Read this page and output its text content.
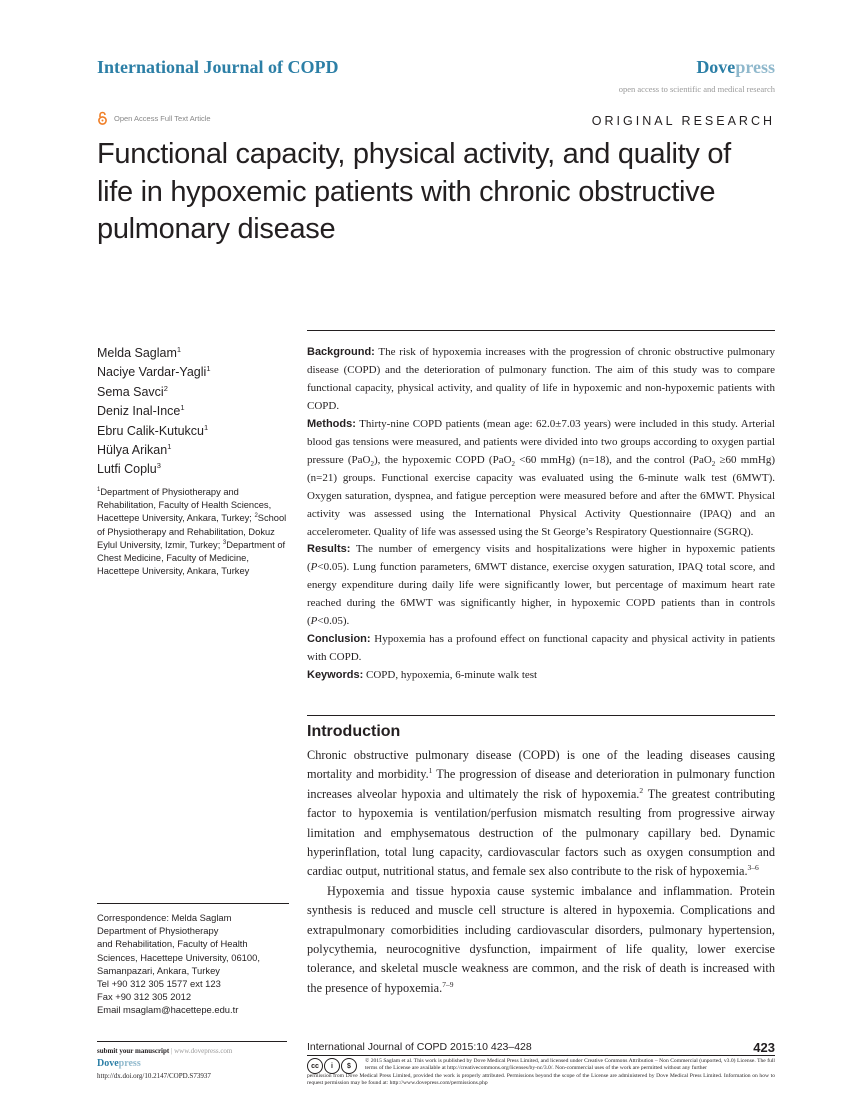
International Journal of COPD	Dovepress
open access to scientific and medical research
Open Access Full Text Article	ORIGINAL RESEARCH
Functional capacity, physical activity, and quality of life in hypoxemic patients with chronic obstructive pulmonary disease
Melda Saglam$^1$
Naciye Vardar-Yagli$^1$
Sema Savci$^2$
Deniz Inal-Ince$^1$
Ebru Calik-Kutukcu$^1$
Hülya Arikan$^1$
Lutfi Coplu$^3$
$^1$Department of Physiotherapy and Rehabilitation, Faculty of Health Sciences, Hacettepe University, Ankara, Turkey; $^2$School of Physiotherapy and Rehabilitation, Dokuz Eylul University, Izmir, Turkey; $^3$Department of Chest Medicine, Faculty of Medicine, Hacettepe University, Ankara, Turkey

Background: The risk of hypoxemia increases with the progression of chronic obstructive pulmonary disease (COPD) and the deterioration of pulmonary function. The aim of this study was to compare functional capacity, physical activity, and quality of life in hypoxemic and non-hypoxemic patients with COPD.

Methods: Thirty-nine COPD patients (mean age: 62.0±7.03 years) were included in this study. Arterial blood gas tensions were measured, and patients were divided into two groups according to oxygen partial pressure (PaO$_2$), the hypoxemic COPD (PaO$_2$ <60 mmHg) (n=18), and the control (PaO$_2$ ≥60 mmHg) (n=21) groups. Functional exercise capacity was evaluated using the 6-minute walk test (6MWT). Oxygen saturation, dyspnea, and fatigue perception were measured before and after the 6MWT. Physical activity was assessed using the International Physical Activity Questionnaire (IPAQ) and an accelerometer. Quality of life was assessed using the St George’s Respiratory Questionnaire (SGRQ).

Results: The number of emergency visits and hospitalizations were higher in hypoxemic patients (P<0.05). Lung function parameters, 6MWT distance, exercise oxygen saturation, IPAQ total score, and energy expenditure during daily life were significantly lower, but percentage of maximum heart rate reached during the 6MWT was significantly higher, in hypoxemic COPD patients than in controls (P<0.05).

Conclusion: Hypoxemia has a profound effect on functional capacity and physical activity in patients with COPD.

Keywords: COPD, hypoxemia, 6-minute walk test

Introduction

Chronic obstructive pulmonary disease (COPD) is one of the leading diseases causing mortality and morbidity.$^1$ The progression of disease and deterioration in pulmonary function increases alveolar hypoxia and ultimately the risk of hypoxemia.$^2$ The greatest contributing factor to hypoxemia is ventilation/perfusion mismatch resulting from progressive airway limitation and emphysematous destruction of the pulmonary capillary bed. Dynamic hyperinflation, total lung capacity, cardiovascular factors such as oxygen consumption and cardiac output, nutritional status, and female sex also contribute to the risk of hypoxemia.$^{3-6}$

Hypoxemia and tissue hypoxia cause systemic imbalance and inflammation. Protein synthesis is reduced and muscle cell structure is altered in hypoxemia. Complications and extrapulmonary comorbidities including cardiovascular disorders, pulmonary hypertension, polycythemia, neurocognitive dysfunction, impairment of life quality, lower exercise tolerance, and skeletal muscle weakness are common, and the risk of death is increased with the presence of hypoxemia.$^{7-9}$

Correspondence: Melda Saglam
Department of Physiotherapy
and Rehabilitation, Faculty of Health
Sciences, Hacettepe University, 06100,
Samanpazari, Ankara, Turkey
Tel +90 312 305 1577 ext 123
Fax +90 312 305 2012
Email msaglam@hacettepe.edu.tr
submit your manuscript | www.dovepress.com
Dovepress
http://dx.doi.org/10.2147/COPD.S73937
International Journal of COPD 2015:10 423–428	423
cc	i	$
© 2015 Saglam et al. This work is published by Dove Medical Press Limited, and licensed under Creative Commons Attribution – Non Commercial (unported, v3.0) License. The full terms of the License are available at http://creativecommons.org/licenses/by-nc/3.0/. Non-commercial uses of the work are permitted without any further
permission from Dove Medical Press Limited, provided the work is properly attributed. Permissions beyond the scope of the License are administered by Dove Medical Press Limited. Information on how to request permission may be found at: http://www.dovepress.com/permissions.php
